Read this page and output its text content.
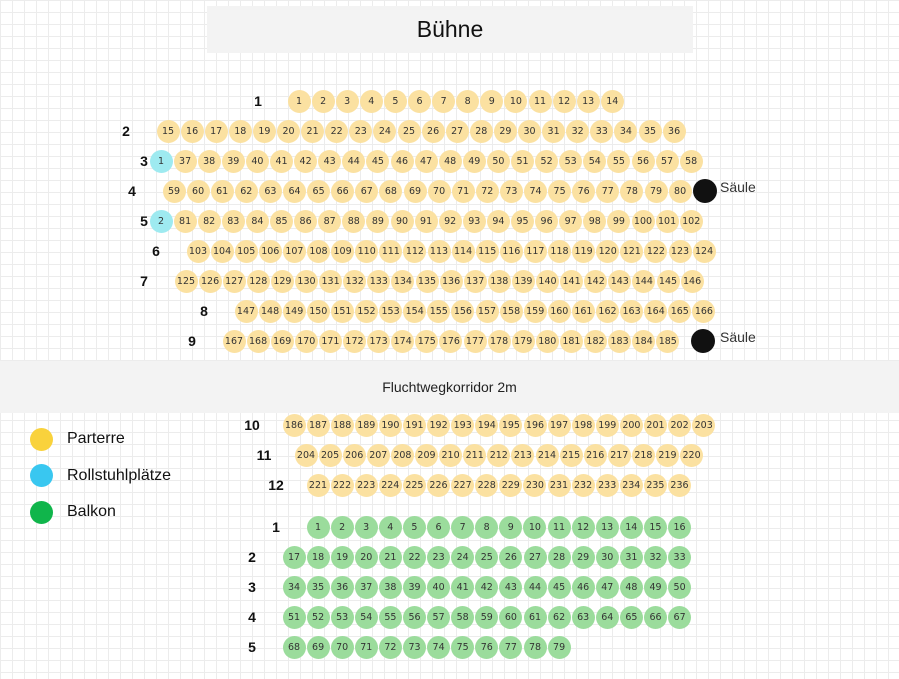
Bühne
Fluchtwegkorridor 2m
Parterre
Rollstuhlplätze
Balkon
1	1	2	3	4	5	6	7	8	9	10	11	12	13	14
2	15	16	17	18	19	20	21	22	23	24	25	26	27	28	29	30	31	32	33	34	35	36
3	1	37	38	39	40	41	42	43	44	45	46	47	48	49	50	51	52	53	54	55	56	57	58
4	59	60	61	62	63	64	65	66	67	68	69	70	71	72	73	74	75	76	77	78	79	80
5	2	81	82	83	84	85	86	87	88	89	90	91	92	93	94	95	96	97	98	99 100 101 102
6	103 104 105 106 107 108 109 110 111 112 113 114 115 116 117 118 119 120 121 122 123 124
7	125 126 127 128 129 130 131 132 133 134 135 136 137 138 139 140 141 142 143 144 145 146
8	147 148 149 150 151 152 153 154 155 156 157 158 159 160 161 162 163 164 165 166
9	167 168 169 170 171 172 173 174 175 176 177 178 179 180 181 182 183 184 185
10	186 187 188 189 190 191 192 193 194 195 196 197 198 199 200 201 202 203
11	204 205 206 207 208 209 210 211 212 213 214 215 216 217 218 219 220
12	221 222 223 224 225 226 227 228 229 230 231 232 233 234 235 236
1	1	2	3	4	5	6	7	8	9	10	11	12	13	14	15	16
2	17	18	19	20	21	22	23	24	25	26	27	28	29	30	31	32	33
3	34	35	36	37	38	39	40	41	42	43	44	45	46	47	48	49	50
4	51	52	53	54	55	56	57	58	59	60	61	62	63	64	65	66	67
5	68	69	70	71	72	73	74	75	76	77	78	79
Säule
Säule
